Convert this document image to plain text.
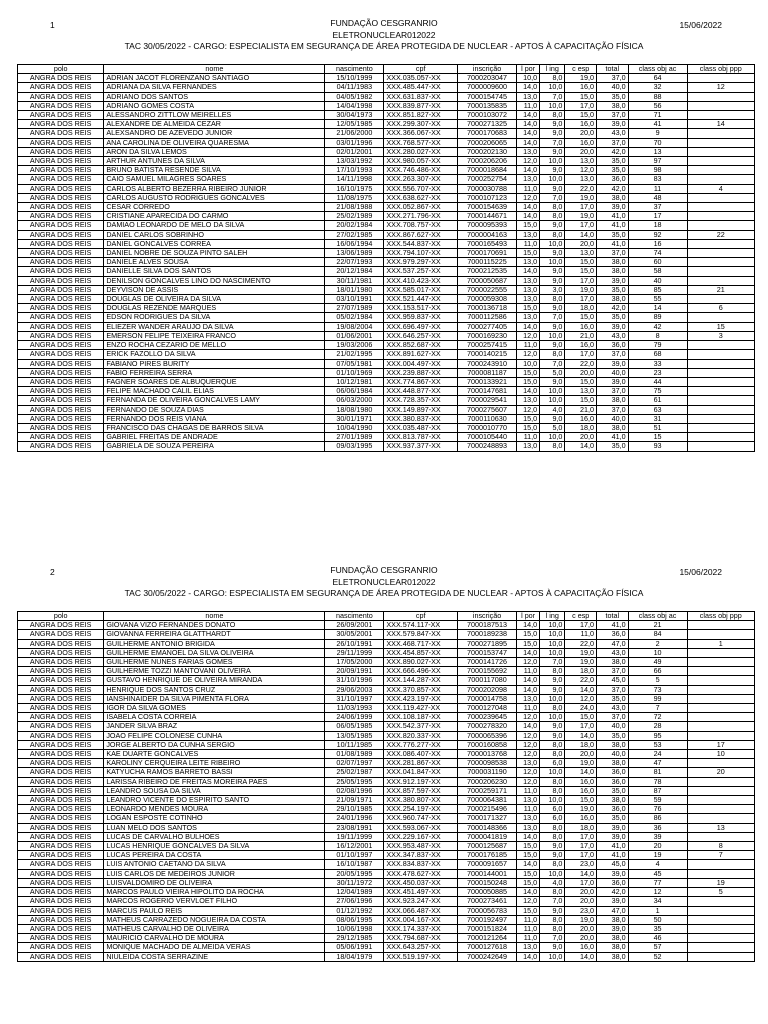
1	FUNDAÇÃO CESGRANRIO
ELETRONUCLEAR012022
TAC 30/05/2022 - CARGO: ESPECIALISTA EM SEGURANÇA DE ÁREA PROTEGIDA DE NUCLEAR - APTOS À CAPACITAÇÃO FÍSICA
15/06/2022
polo	nome	nascimento	cpf	inscrição	l por	l ing	c esp	total	class obj ac	class obj ppp
ANGRA DOS REIS	ADRIAN JACOT FLORENZANO SANTIAGO	15/10/1999	XXX.035.057-XX	7000203047	10,0	8,0	19,0	37,0	64	
ANGRA DOS REIS	ADRIANA DA SILVA FERNANDES	04/11/1983	XXX.485.447-XX	7000009600	14,0	10,0	16,0	40,0	32	12
ANGRA DOS REIS	ADRIANO DOS SANTOS	04/05/1982	XXX.631.837-XX	7000154745	13,0	7,0	15,0	35,0	88	
ANGRA DOS REIS	ADRIANO GOMES COSTA	14/04/1998	XXX.839.877-XX	7000135835	11,0	10,0	17,0	38,0	56	
ANGRA DOS REIS	ALESSANDRO ZITTLOW MEIRELLES	30/04/1973	XXX.851.827-XX	7000103072	14,0	8,0	15,0	37,0	71	
ANGRA DOS REIS	ALEXANDRE DE ALMEIDA CEZAR	12/05/1985	XXX.299.307-XX	7000271325	14,0	9,0	16,0	39,0	41	14
ANGRA DOS REIS	ALEXSANDRO DE AZEVEDO JUNIOR	21/06/2000	XXX.366.067-XX	7000170683	14,0	9,0	20,0	43,0	9	
ANGRA DOS REIS	ANA CAROLINA DE OLIVEIRA QUARESMA	03/01/1996	XXX.768.577-XX	7000206065	14,0	7,0	16,0	37,0	70	
ANGRA DOS REIS	ARON DA SILVA LEMOS	02/01/2001	XXX.280.027-XX	7000202130	13,0	9,0	20,0	42,0	13	
ANGRA DOS REIS	ARTHUR ANTUNES DA SILVA	13/03/1992	XXX.980.057-XX	7000206206	12,0	10,0	13,0	35,0	97	
ANGRA DOS REIS	BRUNO BATISTA RESENDE SILVA	17/10/1993	XXX.746.486-XX	7000018684	14,0	9,0	12,0	35,0	98	
ANGRA DOS REIS	CAIO SAMUEL MILAGRES SOARES	14/11/1998	XXX.263.307-XX	7000252754	13,0	10,0	13,0	36,0	83	
ANGRA DOS REIS	CARLOS ALBERTO BEZERRA RIBEIRO JUNIOR	16/10/1975	XXX.556.707-XX	7000030788	11,0	9,0	22,0	42,0	11	4
ANGRA DOS REIS	CARLOS AUGUSTO RODRIGUES GONCALVES	11/08/1975	XXX.638.627-XX	7000107123	12,0	7,0	19,0	38,0	48	
ANGRA DOS REIS	CESAR CORREDO	21/08/1988	XXX.052.867-XX	7000154639	14,0	8,0	17,0	39,0	37	
ANGRA DOS REIS	CRISTIANE APARECIDA DO CARMO	25/02/1989	XXX.271.796-XX	7000144671	14,0	8,0	19,0	41,0	17	
ANGRA DOS REIS	DAMIAO LEONARDO DE MELO DA SILVA	20/02/1984	XXX.708.757-XX	7000095393	15,0	9,0	17,0	41,0	18	
ANGRA DOS REIS	DANIEL CARLOS SOBRINHO	27/02/1985	XXX.867.627-XX	7000004163	13,0	8,0	14,0	35,0	92	22
ANGRA DOS REIS	DANIEL GONCALVES CORREA	16/06/1994	XXX.544.837-XX	7000165493	11,0	10,0	20,0	41,0	16	
ANGRA DOS REIS	DANIEL NOBRE DE SOUZA PINTO SALEH	13/06/1989	XXX.794.107-XX	7000170691	15,0	9,0	13,0	37,0	74	
ANGRA DOS REIS	DANIELE ALVES SOUSA	22/07/1993	XXX.979.297-XX	7000115225	13,0	10,0	15,0	38,0	60	
ANGRA DOS REIS	DANIELLE SILVA DOS SANTOS	20/12/1984	XXX.537.257-XX	7000212535	14,0	9,0	15,0	38,0	58	
ANGRA DOS REIS	DENILSON GONCALVES LINO DO NASCIMENTO	30/11/1981	XXX.410.423-XX	7000050687	13,0	9,0	17,0	39,0	40	
ANGRA DOS REIS	DEYVISON DE ASSIS	18/01/1980	XXX.585.017-XX	7000022555	13,0	3,0	19,0	35,0	85	21
ANGRA DOS REIS	DOUGLAS DE OLIVEIRA DA SILVA	03/10/1991	XXX.521.447-XX	7000059308	13,0	8,0	17,0	38,0	55	
ANGRA DOS REIS	DOUGLAS REZENDE MARQUES	27/07/1989	XXX.153.517-XX	7000136718	15,0	9,0	18,0	42,0	14	6
ANGRA DOS REIS	EDSON RODRIGUES DA SILVA	05/02/1984	XXX.959.837-XX	7000112586	13,0	7,0	15,0	35,0	89	
ANGRA DOS REIS	ELIEZER WANDER ARAUJO DA SILVA	19/08/2004	XXX.696.497-XX	7000277405	14,0	9,0	16,0	39,0	42	15
ANGRA DOS REIS	EMERSON FELIPE TEIXEIRA FRANCO	01/06/2001	XXX.646.257-XX	7000169230	12,0	10,0	21,0	43,0	8	3
ANGRA DOS REIS	ENZO ROCHA CEZARIO DE MELLO	19/03/2006	XXX.852.687-XX	7000257415	11,0	9,0	16,0	36,0	79	
ANGRA DOS REIS	ERICK FAZOLLO DA SILVA	21/02/1995	XXX.891.627-XX	7000140215	12,0	8,0	17,0	37,0	68	
ANGRA DOS REIS	FABIANO PIRES BURITY	07/05/1981	XXX.004.497-XX	7000243910	10,0	7,0	22,0	39,0	33	
ANGRA DOS REIS	FABIO FERREIRA SERRA	01/10/1969	XXX.239.887-XX	7000081187	15,0	5,0	20,0	40,0	23	
ANGRA DOS REIS	FAGNER SOARES DE ALBUQUERQUE	10/12/1981	XXX.774.867-XX	7000133921	15,0	9,0	15,0	39,0	44	
ANGRA DOS REIS	FELIPE MACHADO CALIL ELIAS	06/06/1984	XXX.448.877-XX	7000147681	14,0	10,0	13,0	37,0	75	
ANGRA DOS REIS	FERNANDA DE OLIVEIRA GONCALVES LAMY	06/03/2000	XXX.728.357-XX	7000029541	13,0	10,0	15,0	38,0	61	
ANGRA DOS REIS	FERNANDO DE SOUZA DIAS	18/08/1980	XXX.149.897-XX	7000275607	12,0	4,0	21,0	37,0	63	
ANGRA DOS REIS	FERNANDO DOS REIS VIANA	30/01/1971	XXX.380.837-XX	7000110630	15,0	9,0	16,0	40,0	31	
ANGRA DOS REIS	FRANCISCO DAS CHAGAS DE BARROS SILVA	10/04/1990	XXX.035.487-XX	7000010770	15,0	5,0	18,0	38,0	51	
ANGRA DOS REIS	GABRIEL FREITAS DE ANDRADE	27/01/1989	XXX.813.787-XX	7000105440	11,0	10,0	20,0	41,0	15	
ANGRA DOS REIS	GABRIELA DE SOUZA PEREIRA	09/03/1995	XXX.937.377-XX	7000248893	13,0	8,0	14,0	35,0	93	
2	FUNDAÇÃO CESGRANRIO
ELETRONUCLEAR012022
TAC 30/05/2022 - CARGO: ESPECIALISTA EM SEGURANÇA DE ÁREA PROTEGIDA DE NUCLEAR - APTOS À CAPACITAÇÃO FÍSICA
15/06/2022
polo	nome	nascimento	cpf	inscrição	l por	l ing	c esp	total	class obj ac	class obj ppp
ANGRA DOS REIS	GIOVANA VIZO FERNANDES DONATO	26/09/2001	XXX.574.117-XX	7000187513	14,0	10,0	17,0	41,0	21	
ANGRA DOS REIS	GIOVANNA FERREIRA GLATTHARDT	30/05/2001	XXX.579.847-XX	7000189238	15,0	10,0	11,0	36,0	84	
ANGRA DOS REIS	GUILHERME ANTONIO BRIGIDA	26/10/1991	XXX.468.717-XX	7000271895	15,0	10,0	22,0	47,0	2	1
ANGRA DOS REIS	GUILHERME EMANOEL DA SILVA OLIVEIRA	29/11/1999	XXX.454.857-XX	7000153747	14,0	10,0	19,0	43,0	10	
ANGRA DOS REIS	GUILHERME NUNES FARIAS GOMES	17/05/2000	XXX.890.027-XX	7000141726	12,0	7,0	19,0	38,0	49	
ANGRA DOS REIS	GUILHERME TOZZI MANTOVANI OLIVEIRA	20/09/1991	XXX.666.496-XX	7000155692	11,0	8,0	18,0	37,0	66	
ANGRA DOS REIS	GUSTAVO HENRIQUE DE OLIVEIRA MIRANDA	31/10/1996	XXX.144.287-XX	7000117080	14,0	9,0	22,0	45,0	5	
ANGRA DOS REIS	HENRIQUE DOS SANTOS CRUZ	29/06/2003	XXX.370.857-XX	7000202098	14,0	9,0	14,0	37,0	73	
ANGRA DOS REIS	IANSHINAIDER DA SILVA PIMENTA FLORA	31/10/1997	XXX.423.197-XX	7000014758	13,0	10,0	12,0	35,0	99	
ANGRA DOS REIS	IGOR DA SILVA GOMES	11/03/1993	XXX.119.427-XX	7000127048	11,0	8,0	24,0	43,0	7	
ANGRA DOS REIS	ISABELA COSTA CORREIA	24/06/1999	XXX.108.187-XX	7000239645	12,0	10,0	15,0	37,0	72	
ANGRA DOS REIS	JANDER SILVA BRAZ	06/05/1985	XXX.542.377-XX	7000278320	14,0	9,0	17,0	40,0	28	
ANGRA DOS REIS	JOAO FELIPE COLONESE CUNHA	13/05/1985	XXX.820.337-XX	7000065396	12,0	9,0	14,0	35,0	95	
ANGRA DOS REIS	JORGE ALBERTO DA CUNHA SERGIO	10/11/1985	XXX.776.277-XX	7000160858	12,0	8,0	18,0	38,0	53	17
ANGRA DOS REIS	KAE DUARTE GONCALVES	01/08/1989	XXX.086.407-XX	7000013768	12,0	8,0	20,0	40,0	24	10
ANGRA DOS REIS	KAROLINY CERQUEIRA LEITE RIBEIRO	02/07/1997	XXX.281.867-XX	7000098538	13,0	6,0	19,0	38,0	47	
ANGRA DOS REIS	KATYUCHA RAMOS BARRETO BASSI	25/02/1987	XXX.041.847-XX	7000031190	12,0	10,0	14,0	36,0	81	20
ANGRA DOS REIS	LARISSA RIBEIRO DE FREITAS MOREIRA PAES	25/05/1995	XXX.912.197-XX	7000206230	12,0	8,0	16,0	36,0	78	
ANGRA DOS REIS	LEANDRO SOUSA DA SILVA	02/08/1996	XXX.857.597-XX	7000259171	11,0	8,0	16,0	35,0	87	
ANGRA DOS REIS	LEANDRO VICENTE DO ESPIRITO SANTO	21/09/1971	XXX.380.807-XX	7000064381	13,0	10,0	15,0	38,0	59	
ANGRA DOS REIS	LEONARDO MENDES MOURA	29/10/1985	XXX.254.197-XX	7000215496	11,0	6,0	19,0	36,0	76	
ANGRA DOS REIS	LOGAN ESPOSTE COTINHO	24/01/1996	XXX.960.747-XX	7000171327	13,0	6,0	16,0	35,0	86	
ANGRA DOS REIS	LUAN MELO DOS SANTOS	23/08/1991	XXX.593.067-XX	7000148366	13,0	8,0	18,0	39,0	36	13
ANGRA DOS REIS	LUCAS DE CARVALHO BULHOES	19/11/1999	XXX.229.167-XX	7000041819	14,0	8,0	17,0	39,0	39	
ANGRA DOS REIS	LUCAS HENRIQUE GONCALVES DA SILVA	16/12/2001	XXX.953.487-XX	7000125687	15,0	9,0	17,0	41,0	20	8
ANGRA DOS REIS	LUCAS PEREIRA DA COSTA	01/10/1997	XXX.347.837-XX	7000176185	15,0	9,0	17,0	41,0	19	7
ANGRA DOS REIS	LUIS ANTONIO CAETANO DA SILVA	16/10/1987	XXX.834.837-XX	7000091657	14,0	8,0	23,0	45,0	4	
ANGRA DOS REIS	LUIS CARLOS DE MEDEIROS JUNIOR	20/05/1995	XXX.478.627-XX	7000144001	15,0	10,0	14,0	39,0	45	
ANGRA DOS REIS	LUISVALDOMIRO DE OLIVEIRA	30/11/1972	XXX.450.037-XX	7000150248	15,0	4,0	17,0	36,0	77	19
ANGRA DOS REIS	MARCOS PAULO VIEIRA HIPOLITO DA ROCHA	12/04/1989	XXX.451.497-XX	7000050885	14,0	8,0	20,0	42,0	12	5
ANGRA DOS REIS	MARCOS ROGERIO VERVLOET FILHO	27/06/1996	XXX.923.247-XX	7000273461	12,0	7,0	20,0	39,0	34	
ANGRA DOS REIS	MARCUS PAULO REIS	01/12/1992	XXX.066.487-XX	7000056783	15,0	9,0	23,0	47,0	1	
ANGRA DOS REIS	MATHEUS CARRAZEDO NOGUEIRA DA COSTA	08/06/1995	XXX.004.167-XX	7000192497	11,0	8,0	19,0	38,0	50	
ANGRA DOS REIS	MATHEUS CARVALHO DE OLIVEIRA	10/06/1998	XXX.174.337-XX	7000151824	11,0	8,0	20,0	39,0	35	
ANGRA DOS REIS	MAURICIO CARVALHO DE MOURA	29/12/1985	XXX.794.687-XX	7000121264	11,0	7,0	20,0	38,0	46	
ANGRA DOS REIS	MONIQUE MACHADO DE ALMEIDA VERAS	05/06/1991	XXX.643.257-XX	7000127618	13,0	9,0	16,0	38,0	57	
ANGRA DOS REIS	NIULEIDA COSTA SERRAZINE	18/04/1979	XXX.519.197-XX	7000242649	14,0	10,0	14,0	38,0	52	
